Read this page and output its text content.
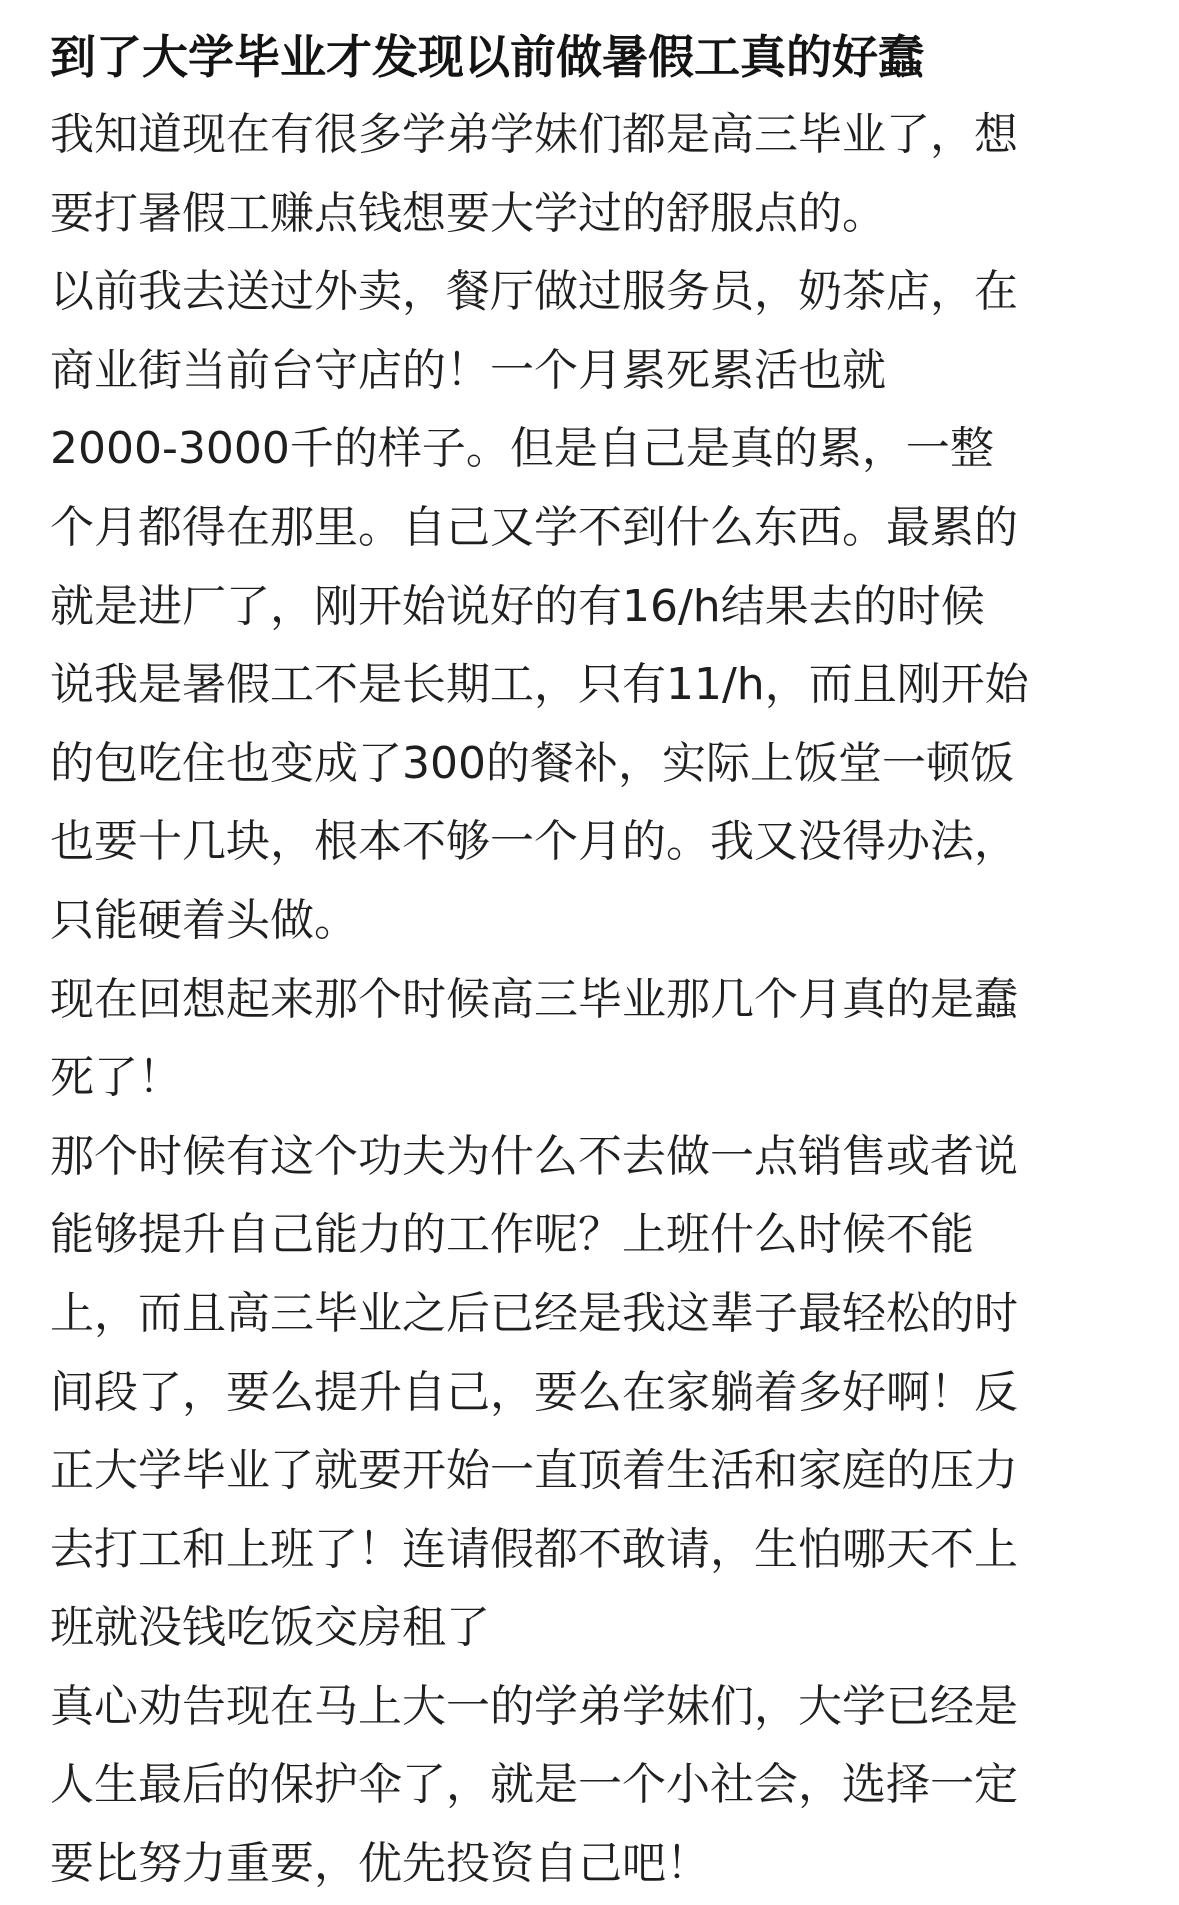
到了大学毕业才发现以前做暑假工真的好蠢
我知道现在有很多学弟学妹们都是高三毕业了，想
要打暑假工赚点钱想要大学过的舒服点的。
以前我去送过外卖，餐厅做过服务员，奶茶店，在
商业街当前台守店的！一个月累死累活也就
2000-3000千的样子。但是自己是真的累，一整
个月都得在那里。自己又学不到什么东西。最累的
就是进厂了，刚开始说好的有16/h结果去的时候
说我是暑假工不是长期工，只有11/h，而且刚开始
的包吃住也变成了300的餐补，实际上饭堂一顿饭
也要十几块，根本不够一个月的。我又没得办法，
只能硬着头做。
现在回想起来那个时候高三毕业那几个月真的是蠢
死了！
那个时候有这个功夫为什么不去做一点销售或者说
能够提升自己能力的工作呢？上班什么时候不能
上，而且高三毕业之后已经是我这辈子最轻松的时
间段了，要么提升自己，要么在家躺着多好啊！反
正大学毕业了就要开始一直顶着生活和家庭的压力
去打工和上班了！连请假都不敢请，生怕哪天不上
班就没钱吃饭交房租了
真心劝告现在马上大一的学弟学妹们，大学已经是
人生最后的保护伞了，就是一个小社会，选择一定
要比努力重要，优先投资自己吧！
